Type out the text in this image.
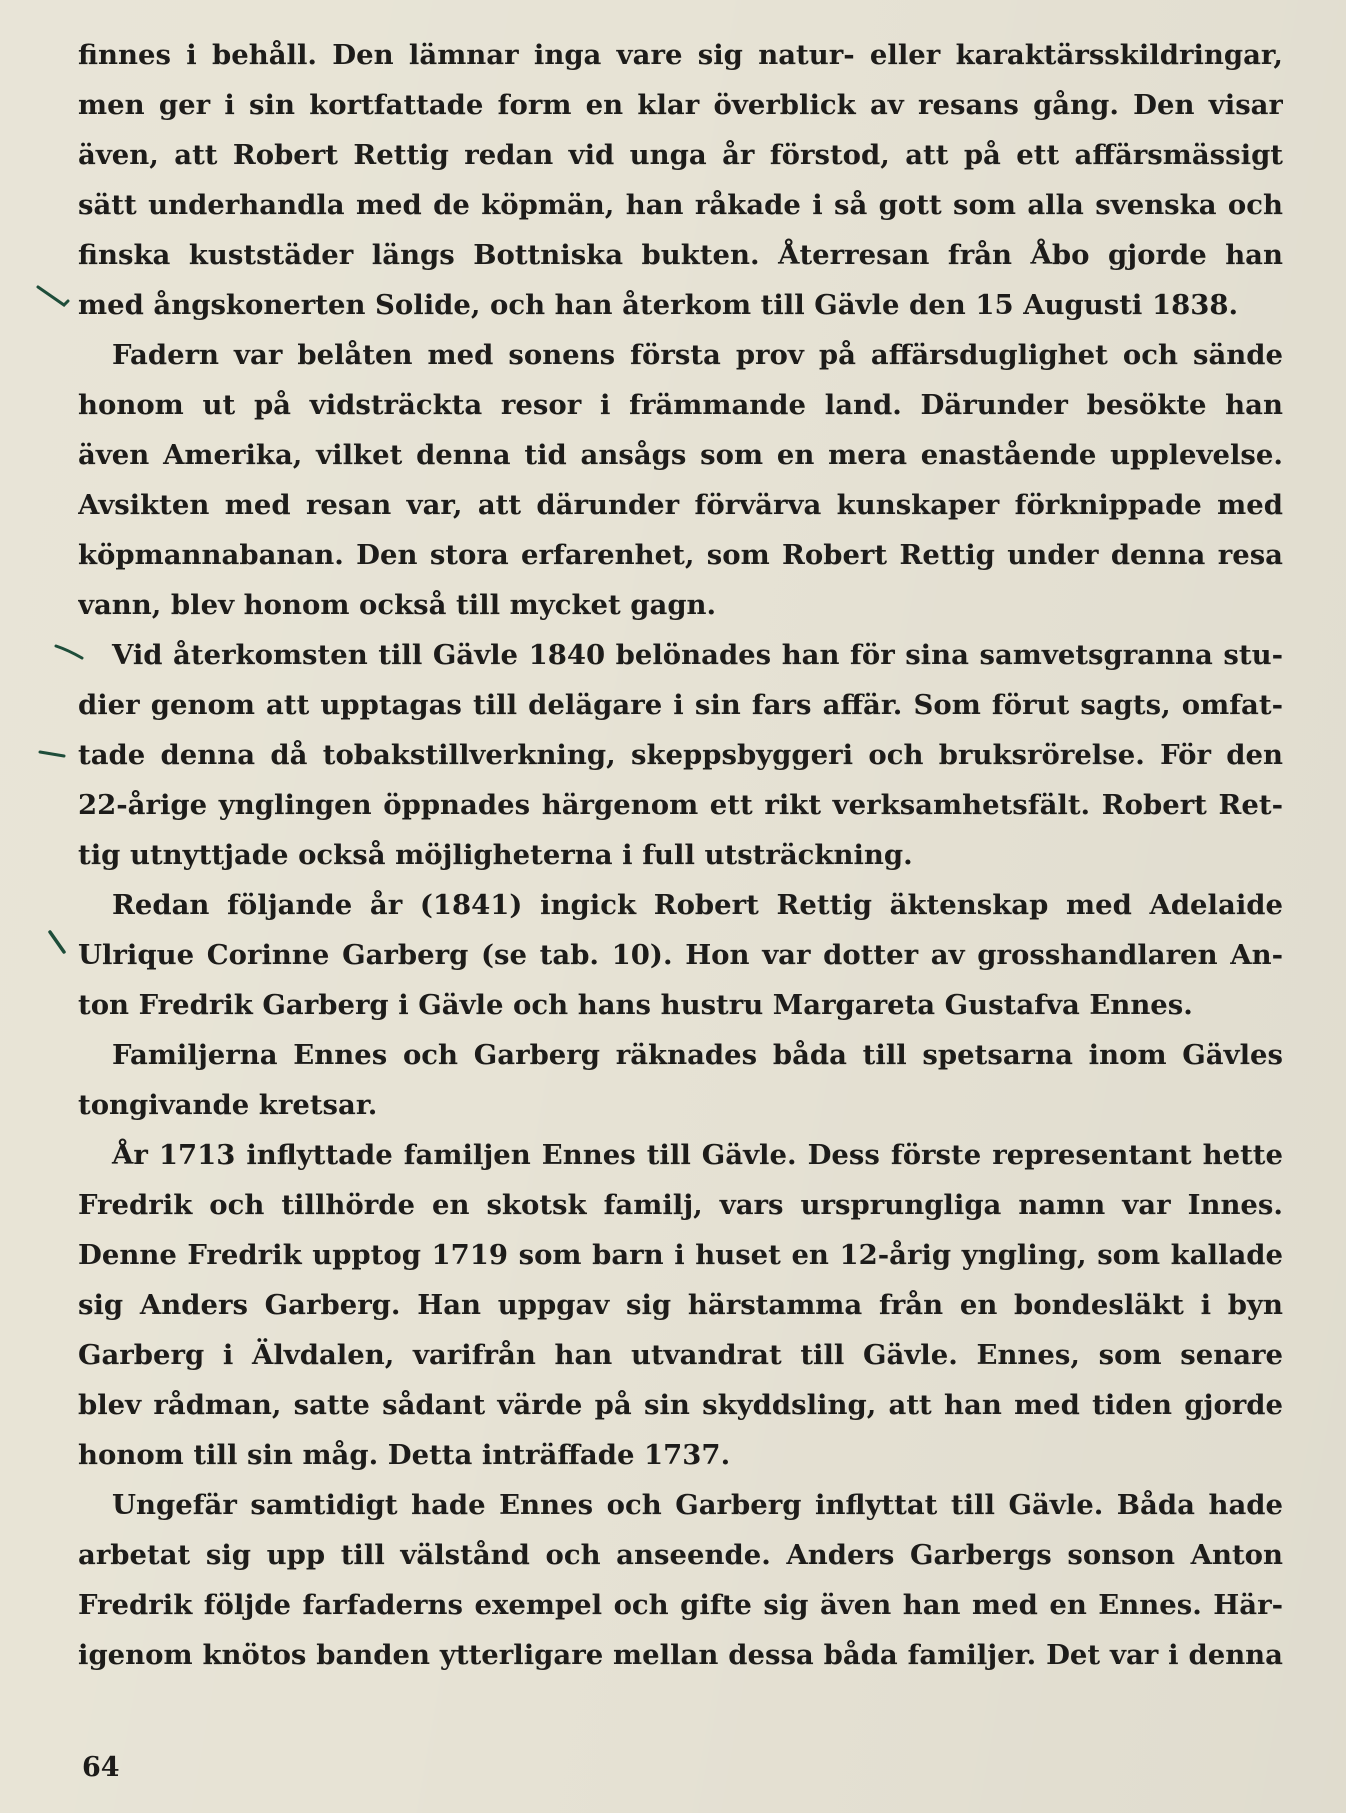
finnes i behåll. Den lämnar inga vare sig natur- eller karaktärsskildringar,
men ger i sin kortfattade form en klar överblick av resans gång. Den visar
även, att Robert Rettig redan vid unga år förstod, att på ett affärsmässigt
sätt underhandla med de köpmän, han råkade i så gott som alla svenska och
finska kuststäder längs Bottniska bukten. Återresan från Åbo gjorde han
med ångskonerten Solide, och han återkom till Gävle den 15 Augusti 1838.
Fadern var belåten med sonens första prov på affärsduglighet och sände
honom ut på vidsträckta resor i främmande land. Därunder besökte han
även Amerika, vilket denna tid ansågs som en mera enastående upplevelse.
Avsikten med resan var, att därunder förvärva kunskaper förknippade med
köpmannabanan. Den stora erfarenhet, som Robert Rettig under denna resa
vann, blev honom också till mycket gagn.
Vid återkomsten till Gävle 1840 belönades han för sina samvetsgranna stu-
dier genom att upptagas till delägare i sin fars affär. Som förut sagts, omfat-
tade denna då tobakstillverkning, skeppsbyggeri och bruksrörelse. För den
22-årige ynglingen öppnades härgenom ett rikt verksamhetsfält. Robert Ret-
tig utnyttjade också möjligheterna i full utsträckning.
Redan följande år (1841) ingick Robert Rettig äktenskap med Adelaide
Ulrique Corinne Garberg (se tab. 10). Hon var dotter av grosshandlaren An-
ton Fredrik Garberg i Gävle och hans hustru Margareta Gustafva Ennes.
Familjerna Ennes och Garberg räknades båda till spetsarna inom Gävles
tongivande kretsar.
År 1713 inflyttade familjen Ennes till Gävle. Dess förste representant hette
Fredrik och tillhörde en skotsk familj, vars ursprungliga namn var Innes.
Denne Fredrik upptog 1719 som barn i huset en 12-årig yngling, som kallade
sig Anders Garberg. Han uppgav sig härstamma från en bondesläkt i byn
Garberg i Älvdalen, varifrån han utvandrat till Gävle. Ennes, som senare
blev rådman, satte sådant värde på sin skyddsling, att han med tiden gjorde
honom till sin måg. Detta inträffade 1737.
Ungefär samtidigt hade Ennes och Garberg inflyttat till Gävle. Båda hade
arbetat sig upp till välstånd och anseende. Anders Garbergs sonson Anton
Fredrik följde farfaderns exempel och gifte sig även han med en Ennes. Här-
igenom knötos banden ytterligare mellan dessa båda familjer. Det var i denna
64
